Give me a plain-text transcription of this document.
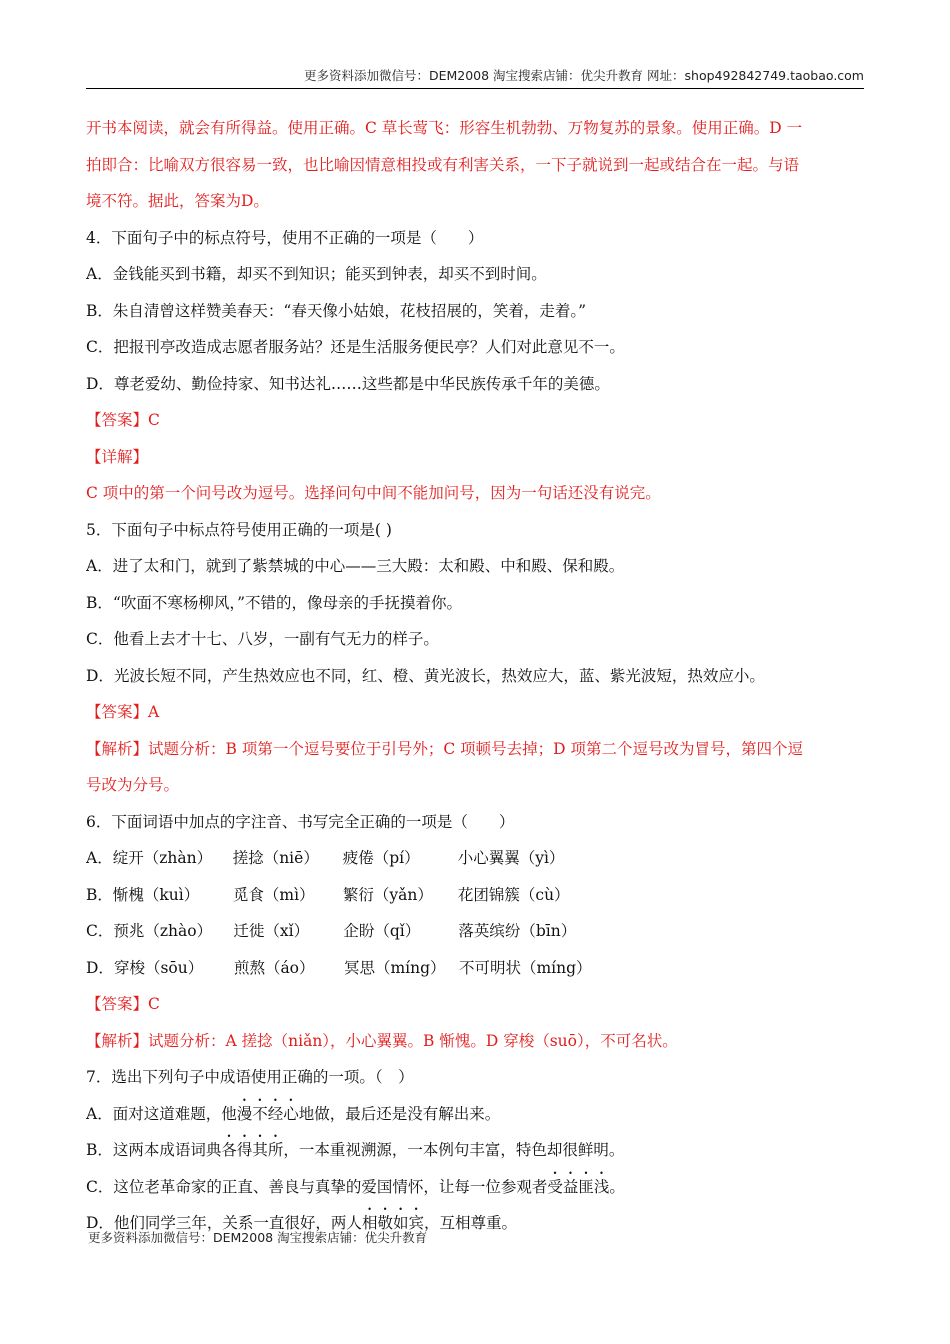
更多资料添加微信号：DEM2008 淘宝搜索店铺：优尖升教育 网址：shop492842749.taobao.com
开书本阅读，就会有所得益。使用正确。C 草长莺飞：形容生机勃勃、万物复苏的景象。使用正确。D 一
拍即合：比喻双方很容易一致，也比喻因情意相投或有利害关系，一下子就说到一起或结合在一起。与语
境不符。据此，答案为D。
4．下面句子中的标点符号，使用不正确的一项是（　　）
A．金钱能买到书籍，却买不到知识；能买到钟表，却买不到时间。
B．朱自清曾这样赞美春天：“春天像小姑娘，花枝招展的，笑着，走着。”
C．把报刊亭改造成志愿者服务站？还是生活服务便民亭？人们对此意见不一。
D．尊老爱幼、勤俭持家、知书达礼……这些都是中华民族传承千年的美德。
【答案】C
【详解】
C 项中的第一个问号改为逗号。选择问句中间不能加问号，因为一句话还没有说完。
5．下面句子中标点符号使用正确的一项是( )
A．进了太和门，就到了紫禁城的中心——三大殿：太和殿、中和殿、保和殿。
B．“吹面不寒杨柳风，”不错的，像母亲的手抚摸着你。
C．他看上去才十七、八岁，一副有气无力的样子。
D．光波长短不同，产生热效应也不同，红、橙、黄光波长，热效应大，蓝、紫光波短，热效应小。
【答案】A
【解析】试题分析：B 项第一个逗号要位于引号外；C 项顿号去掉；D 项第二个逗号改为冒号，第四个逗
号改为分号。
6．下面词语中加点的字注音、书写完全正确的一项是（　　）
A．绽开（zhàn） 搓捻（niē） 疲倦（pí） 小心翼翼（yì）
B．惭槐（kuì） 觅食（mì） 繁衍（yǎn） 花团锦簇（cù）
C．预兆（zhào） 迁徙（xǐ） 企盼（qǐ） 落英缤纷（bīn）
D．穿梭（sōu） 煎熬（áo） 冥思（míng） 不可明状（míng）
【答案】C
【解析】试题分析：A 搓捻（niǎn），小心翼翼。B 惭愧。D 穿梭（suō），不可名状。
7．选出下列句子中成语使用正确的一项。（　）
A．面对这道难题，他漫不经心地做，最后还是没有解出来。
B．这两本成语词典各得其所，一本重视溯源，一本例句丰富，特色却很鲜明。
C．这位老革命家的正直、善良与真挚的爱国情怀，让每一位参观者受益匪浅。
D．他们同学三年，关系一直很好，两人相敬如宾，互相尊重。
更多资料添加微信号：DEM2008 淘宝搜索店铺：优尖升教育
